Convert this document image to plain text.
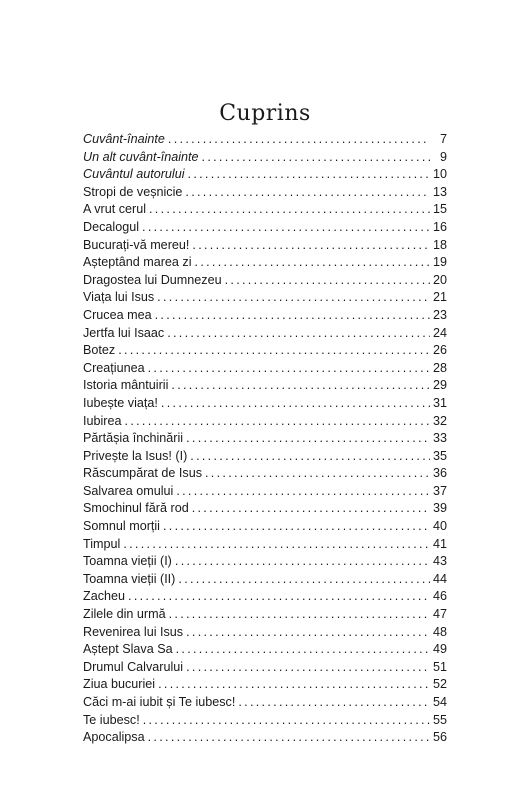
Cuprins
Cuvânt-înainte . . .	7
Un alt cuvânt-înainte . . .	9
Cuvântul autorului . . .	10
Stropi de veșnicie . . .	13
A vrut cerul . . .	15
Decalogul . . .	16
Bucurați-vă mereu! . . .	18
Așteptând marea zi . . .	19
Dragostea lui Dumnezeu . . .	20
Viața lui Isus . . .	21
Crucea mea . . .	23
Jertfa lui Isaac . . .	24
Botez . . .	26
Creațiunea . . .	28
Istoria mântuirii . . .	29
Iubește viața! . . .	31
Iubirea . . .	32
Părtășia închinării . . .	33
Privește la Isus! (I) . . .	35
Răscumpărat de Isus . . .	36
Salvarea omului . . .	37
Smochinul fără rod . . .	39
Somnul morții . . .	40
Timpul . . .	41
Toamna vieții (I) . . .	43
Toamna vieții (II) . . .	44
Zacheu . . .	46
Zilele din urmă . . .	47
Revenirea lui Isus . . .	48
Aștept Slava Sa . . .	49
Drumul Calvarului . . .	51
Ziua bucuriei . . .	52
Căci m-ai iubit și Te iubesc! . . .	54
Te iubesc! . . .	55
Apocalipsa . . .	56
